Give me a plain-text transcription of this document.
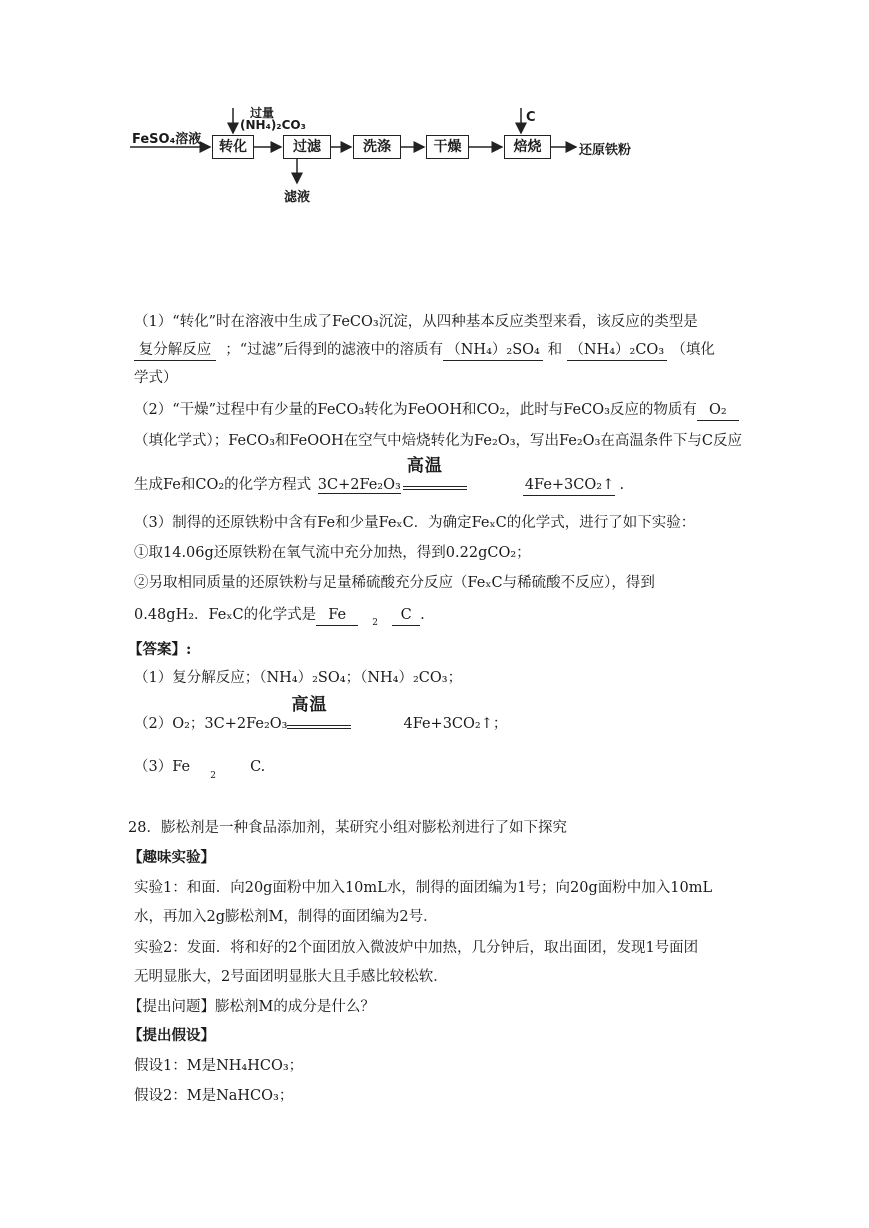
FeSO₄溶液
过量
(NH₄)₂CO₃
转化	过滤	洗涤	干燥	焙烧
滤液
C
还原铁粉
（1）“转化”时在溶液中生成了FeCO₃沉淀，从四种基本反应类型来看，该反应的类型是
复分解反应 ；“过滤”后得到的滤液中的溶质有 （NH₄）₂SO₄ 和 （NH₄）₂CO₃ （填化
学式）
（2）“干燥”过程中有少量的FeCO₃转化为FeOOH和CO₂，此时与FeCO₃反应的物质有 O₂
（填化学式）；FeCO₃和FeOOH在空气中焙烧转化为Fe₂O₃，写出Fe₂O₃在高温条件下与C反应
生成Fe和CO₂的化学方程式 3C+2Fe₂O₃
高温
4Fe+3CO₂↑ .
（3）制得的还原铁粉中含有Fe和少量FeₓC．为确定FeₓC的化学式，进行了如下实验：
①取14.06g还原铁粉在氧气流中充分加热，得到0.22gCO₂；
②另取相同质量的还原铁粉与足量稀硫酸充分反应（FeₓC与稀硫酸不反应），得到
0.48gH₂．FeₓC的化学式是 Fe	2 C .
【答案】:
（1）复分解反应；（NH₄）₂SO₄；（NH₄）₂CO₃；
（2）O₂；3C+2Fe₂O₃
高温
4Fe+3CO₂↑；
（3）Fe2C.
28．膨松剂是一种食品添加剂，某研究小组对膨松剂进行了如下探究
【趣味实验】
实验1：和面．向20g面粉中加入10mL水，制得的面团编为1号；向20g面粉中加入10mL
水，再加入2g膨松剂M，制得的面团编为2号．
实验2：发面．将和好的2个面团放入微波炉中加热，几分钟后，取出面团，发现1号面团
无明显胀大，2号面团明显胀大且手感比较松软．
【提出问题】膨松剂M的成分是什么？
【提出假设】
假设1：M是NH₄HCO₃；
假设2：M是NaHCO₃；
